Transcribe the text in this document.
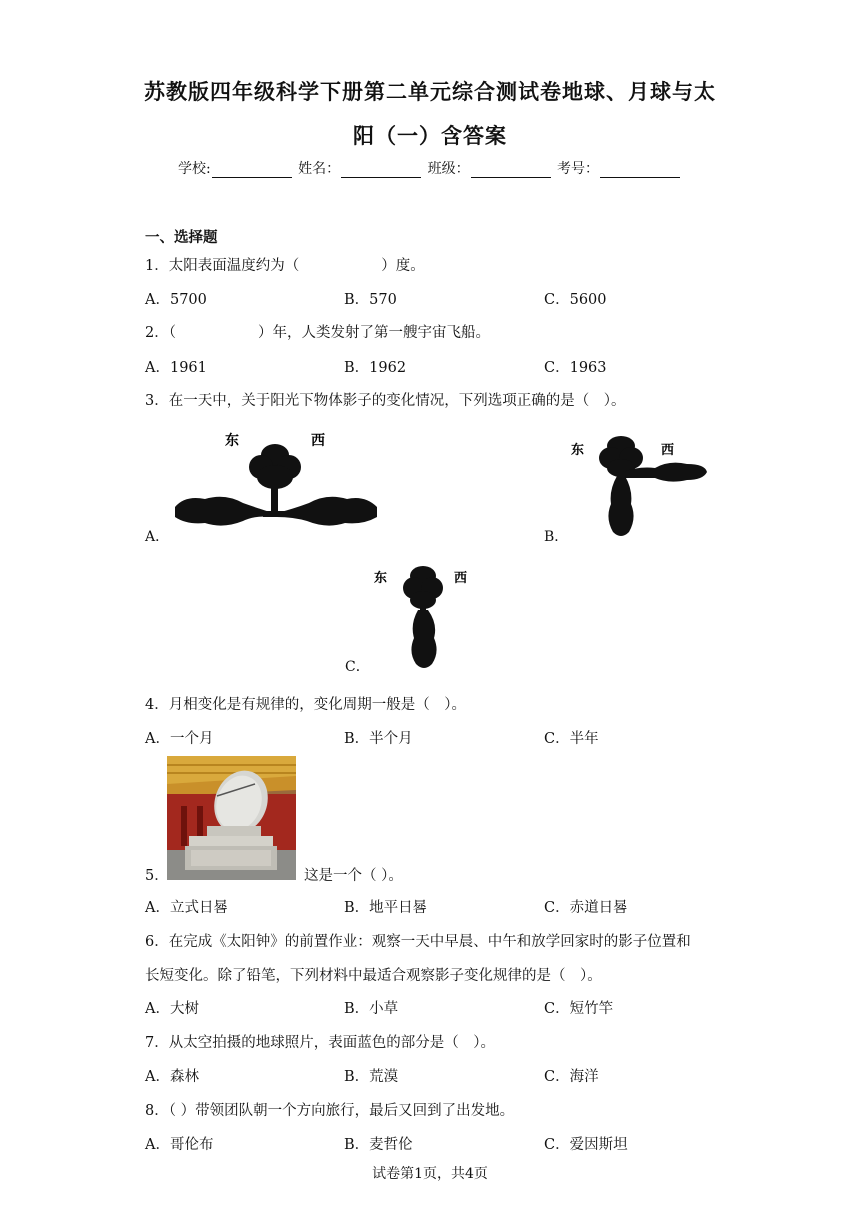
苏教版四年级科学下册第二单元综合测试卷地球、月球与太
阳（一）含答案
学校:	姓名：	班级：	考号：
一、选择题
1．太阳表面温度约为（	）度。
A．5700	B．570	C．5600
2．（	）年，人类发射了第一艘宇宙飞船。
A．1961	B．1962	C．1963
3．在一天中，关于阳光下物体影子的变化情况，下列选项正确的是（　）。
东	西
A．
东	西
B．
东	西
C．
4．月相变化是有规律的，变化周期一般是（　）。
A．一个月	B．半个月	C．半年
5．	这是一个（ ）。
A．立式日晷	B．地平日晷	C．赤道日晷
6．在完成《太阳钟》的前置作业：观察一天中早晨、中午和放学回家时的影子位置和
长短变化。除了铅笔，下列材料中最适合观察影子变化规律的是（　）。
A．大树	B．小草	C．短竹竿
7．从太空拍摄的地球照片，表面蓝色的部分是（　）。
A．森林	B．荒漠	C．海洋
8．（ ）带领团队朝一个方向旅行，最后又回到了出发地。
A．哥伦布	B．麦哲伦	C．爱因斯坦
试卷第1页，共4页
